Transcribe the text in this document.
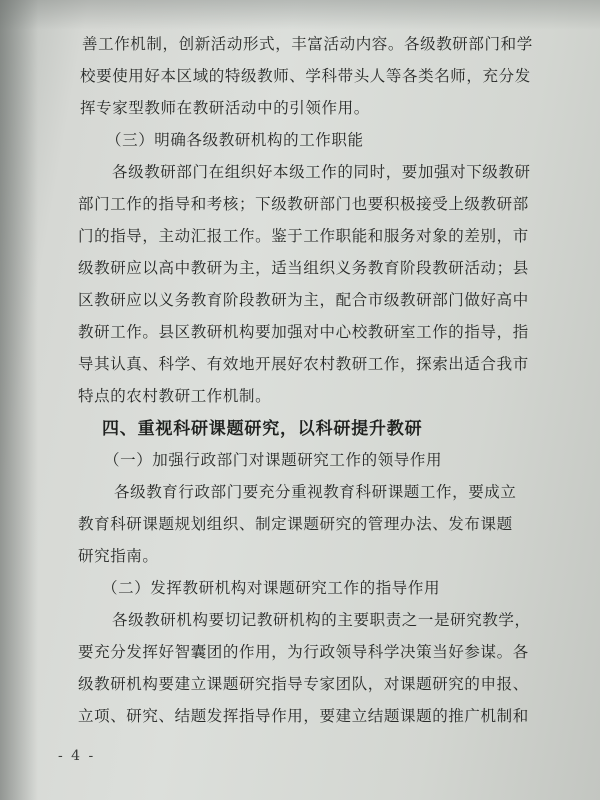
- 4 -
善工作机制，创新活动形式，丰富活动内容。各级教研部门和学
校要使用好本区域的特级教师、学科带头人等各类名师，充分发
挥专家型教师在教研活动中的引领作用。
（三）明确各级教研机构的工作职能
各级教研部门在组织好本级工作的同时，要加强对下级教研
部门工作的指导和考核；下级教研部门也要积极接受上级教研部
门的指导，主动汇报工作。鉴于工作职能和服务对象的差别，市
级教研应以高中教研为主，适当组织义务教育阶段教研活动；县
区教研应以义务教育阶段教研为主，配合市级教研部门做好高中
教研工作。县区教研机构要加强对中心校教研室工作的指导，指
导其认真、科学、有效地开展好农村教研工作，探索出适合我市
特点的农村教研工作机制。
四、重视科研课题研究，以科研提升教研
（一）加强行政部门对课题研究工作的领导作用
各级教育行政部门要充分重视教育科研课题工作，要成立
教育科研课题规划组织、制定课题研究的管理办法、发布课题
研究指南。
（二）发挥教研机构对课题研究工作的指导作用
各级教研机构要切记教研机构的主要职责之一是研究教学，
要充分发挥好智囊团的作用，为行政领导科学决策当好参谋。各
级教研机构要建立课题研究指导专家团队，对课题研究的申报、
立项、研究、结题发挥指导作用，要建立结题课题的推广机制和
